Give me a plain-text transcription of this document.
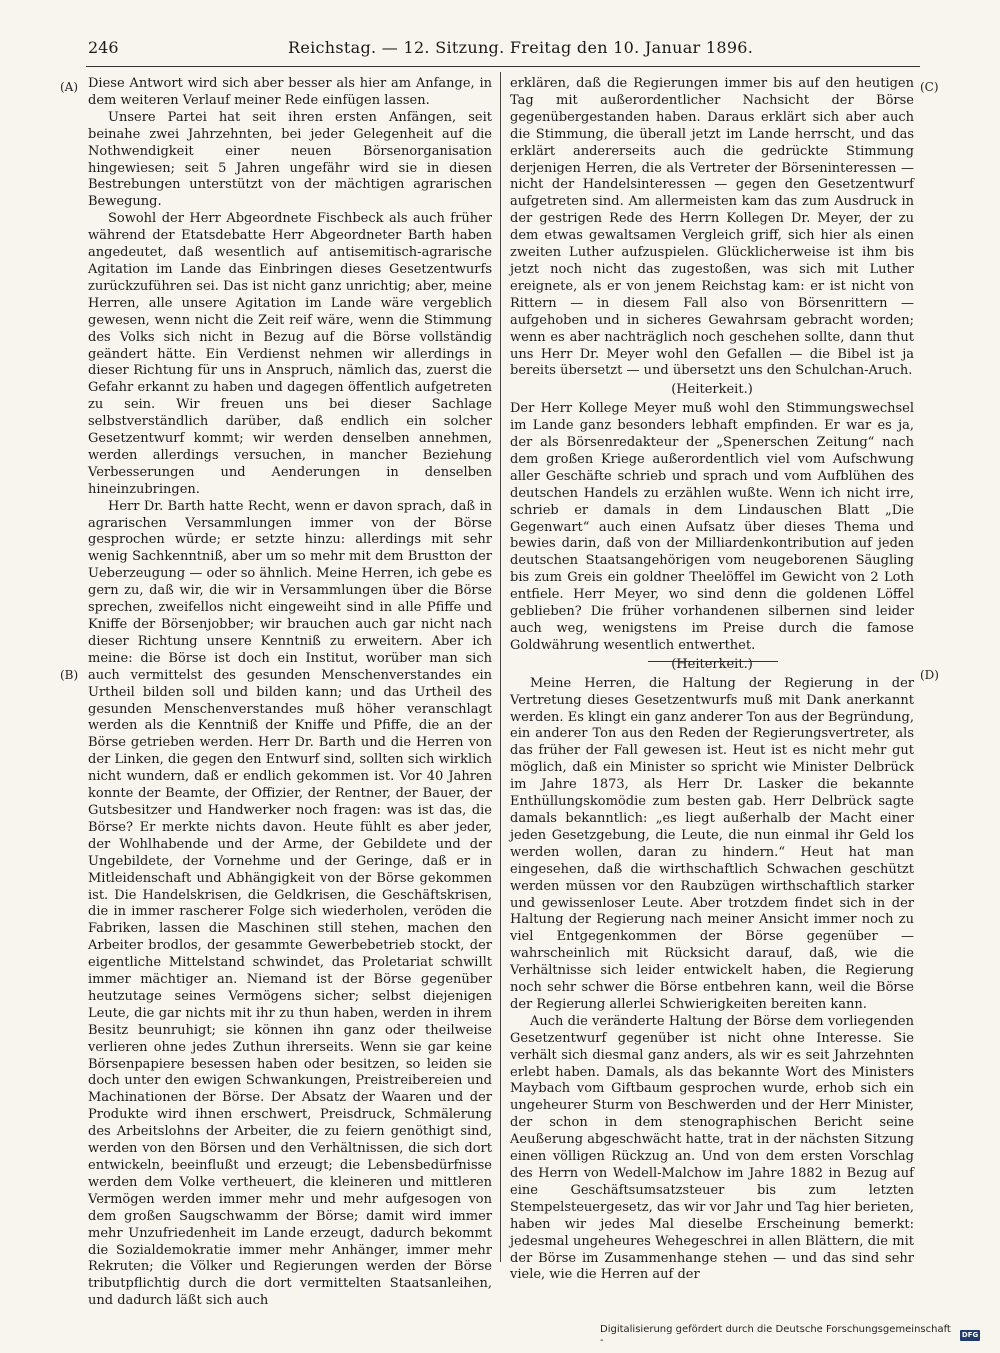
246	Reichstag. — 12. Sitzung. Freitag den 10. Januar 1896.
(A)
(B)
(C)
(D)

Diese Antwort wird sich aber besser als hier am Anfange, in dem weiteren Verlauf meiner Rede einfügen lassen.

Unsere Partei hat seit ihren ersten Anfängen, seit beinahe zwei Jahrzehnten, bei jeder Gelegenheit auf die Nothwendigkeit einer neuen Börsenorganisation hingewiesen; seit 5 Jahren ungefähr wird sie in diesen Bestrebungen unterstützt von der mächtigen agrarischen Bewegung.

Sowohl der Herr Abgeordnete Fischbeck als auch früher während der Etatsdebatte Herr Abgeordneter Barth haben angedeutet, daß wesentlich auf antisemitisch-agrarische Agitation im Lande das Einbringen dieses Gesetzentwurfs zurückzuführen sei. Das ist nicht ganz unrichtig; aber, meine Herren, alle unsere Agitation im Lande wäre vergeblich gewesen, wenn nicht die Zeit reif wäre, wenn die Stimmung des Volks sich nicht in Bezug auf die Börse vollständig geändert hätte. Ein Verdienst nehmen wir allerdings in dieser Richtung für uns in Anspruch, nämlich das, zuerst die Gefahr erkannt zu haben und dagegen öffentlich aufgetreten zu sein. Wir freuen uns bei dieser Sachlage selbstverständlich darüber, daß endlich ein solcher Gesetzentwurf kommt; wir werden denselben annehmen, werden allerdings versuchen, in mancher Beziehung Verbesserungen und Aenderungen in denselben hineinzubringen.

Herr Dr. Barth hatte Recht, wenn er davon sprach, daß in agrarischen Versammlungen immer von der Börse gesprochen würde; er setzte hinzu: allerdings mit sehr wenig Sachkenntniß, aber um so mehr mit dem Brustton der Ueberzeugung — oder so ähnlich. Meine Herren, ich gebe es gern zu, daß wir, die wir in Versammlungen über die Börse sprechen, zweifellos nicht eingeweiht sind in alle Pfiffe und Kniffe der Börsenjobber; wir brauchen auch gar nicht nach dieser Richtung unsere Kenntniß zu erweitern. Aber ich meine: die Börse ist doch ein Institut, worüber man sich auch vermittelst des gesunden Menschenverstandes ein Urtheil bilden soll und bilden kann; und das Urtheil des gesunden Menschenverstandes muß höher veranschlagt werden als die Kenntniß der Kniffe und Pfiffe, die an der Börse getrieben werden. Herr Dr. Barth und die Herren von der Linken, die gegen den Entwurf sind, sollten sich wirklich nicht wundern, daß er endlich gekommen ist. Vor 40 Jahren konnte der Beamte, der Offizier, der Rentner, der Bauer, der Gutsbesitzer und Handwerker noch fragen: was ist das, die Börse? Er merkte nichts davon. Heute fühlt es aber jeder, der Wohlhabende und der Arme, der Gebildete und der Ungebildete, der Vornehme und der Geringe, daß er in Mitleidenschaft und Abhängigkeit von der Börse gekommen ist. Die Handelskrisen, die Geldkrisen, die Geschäftskrisen, die in immer rascherer Folge sich wiederholen, veröden die Fabriken, lassen die Maschinen still stehen, machen den Arbeiter brodlos, der gesammte Gewerbebetrieb stockt, der eigentliche Mittelstand schwindet, das Proletariat schwillt immer mächtiger an. Niemand ist der Börse gegenüber heutzutage seines Vermögens sicher; selbst diejenigen Leute, die gar nichts mit ihr zu thun haben, werden in ihrem Besitz beunruhigt; sie können ihn ganz oder theilweise verlieren ohne jedes Zuthun ihrerseits. Wenn sie gar keine Börsenpapiere besessen haben oder besitzen, so leiden sie doch unter den ewigen Schwankungen, Preistreibereien und Machinationen der Börse. Der Absatz der Waaren und der Produkte wird ihnen erschwert, Preisdruck, Schmälerung des Arbeitslohns der Arbeiter, die zu feiern genöthigt sind, werden von den Börsen und den Verhältnissen, die sich dort entwickeln, beeinflußt und erzeugt; die Lebensbedürfnisse werden dem Volke vertheuert, die kleineren und mittleren Vermögen werden immer mehr und mehr aufgesogen von dem großen Saugschwamm der Börse; damit wird immer mehr Unzufriedenheit im Lande erzeugt, dadurch bekommt die Sozialdemokratie immer mehr Anhänger, immer mehr Rekruten; die Völker und Regierungen werden der Börse tributpflichtig durch die dort vermittelten Staatsanleihen, und dadurch läßt sich auch

erklären, daß die Regierungen immer bis auf den heutigen Tag mit außerordentlicher Nachsicht der Börse gegenübergestanden haben. Daraus erklärt sich aber auch die Stimmung, die überall jetzt im Lande herrscht, und das erklärt andererseits auch die gedrückte Stimmung derjenigen Herren, die als Vertreter der Börseninteressen — nicht der Handelsinteressen — gegen den Gesetzentwurf aufgetreten sind. Am allermeisten kam das zum Ausdruck in der gestrigen Rede des Herrn Kollegen Dr. Meyer, der zu dem etwas gewaltsamen Vergleich griff, sich hier als einen zweiten Luther aufzuspielen. Glücklicherweise ist ihm bis jetzt noch nicht das zugestoßen, was sich mit Luther ereignete, als er von jenem Reichstag kam: er ist nicht von Rittern — in diesem Fall also von Börsenrittern — aufgehoben und in sicheres Gewahrsam gebracht worden; wenn es aber nachträglich noch geschehen sollte, dann thut uns Herr Dr. Meyer wohl den Gefallen — die Bibel ist ja bereits übersetzt — und übersetzt uns den Schulchan-Aruch.

(Heiterkeit.)

Der Herr Kollege Meyer muß wohl den Stimmungswechsel im Lande ganz besonders lebhaft empfinden. Er war es ja, der als Börsenredakteur der „Spenerschen Zeitung“ nach dem großen Kriege außerordentlich viel vom Aufschwung aller Geschäfte schrieb und sprach und vom Aufblühen des deutschen Handels zu erzählen wußte. Wenn ich nicht irre, schrieb er damals in dem Lindauschen Blatt „Die Gegenwart“ auch einen Aufsatz über dieses Thema und bewies darin, daß von der Milliardenkontribution auf jeden deutschen Staatsangehörigen vom neugeborenen Säugling bis zum Greis ein goldner Theelöffel im Gewicht von 2 Loth entfiele. Herr Meyer, wo sind denn die goldenen Löffel geblieben? Die früher vorhandenen silbernen sind leider auch weg, wenigstens im Preise durch die famose Goldwährung wesentlich entwerthet.

(Heiterkeit.)

Meine Herren, die Haltung der Regierung in der Vertretung dieses Gesetzentwurfs muß mit Dank anerkannt werden. Es klingt ein ganz anderer Ton aus der Begründung, ein anderer Ton aus den Reden der Regierungsvertreter, als das früher der Fall gewesen ist. Heut ist es nicht mehr gut möglich, daß ein Minister so spricht wie Minister Delbrück im Jahre 1873, als Herr Dr. Lasker die bekannte Enthüllungskomödie zum besten gab. Herr Delbrück sagte damals bekanntlich: „es liegt außerhalb der Macht einer jeden Gesetzgebung, die Leute, die nun einmal ihr Geld los werden wollen, daran zu hindern.“ Heut hat man eingesehen, daß die wirthschaftlich Schwachen geschützt werden müssen vor den Raubzügen wirthschaftlich starker und gewissenloser Leute. Aber trotzdem findet sich in der Haltung der Regierung nach meiner Ansicht immer noch zu viel Entgegenkommen der Börse gegenüber — wahrscheinlich mit Rücksicht darauf, daß, wie die Verhältnisse sich leider entwickelt haben, die Regierung noch sehr schwer die Börse entbehren kann, weil die Börse der Regierung allerlei Schwierigkeiten bereiten kann.

Auch die veränderte Haltung der Börse dem vorliegenden Gesetzentwurf gegenüber ist nicht ohne Interesse. Sie verhält sich diesmal ganz anders, als wir es seit Jahrzehnten erlebt haben. Damals, als das bekannte Wort des Ministers Maybach vom Giftbaum gesprochen wurde, erhob sich ein ungeheurer Sturm von Beschwerden und der Herr Minister, der schon in dem stenographischen Bericht seine Aeußerung abgeschwächt hatte, trat in der nächsten Sitzung einen völligen Rückzug an. Und von dem ersten Vorschlag des Herrn von Wedell-Malchow im Jahre 1882 in Bezug auf eine Geschäftsumsatzsteuer bis zum letzten Stempelsteuergesetz, das wir vor Jahr und Tag hier berieten, haben wir jedes Mal dieselbe Erscheinung bemerkt: jedesmal ungeheures Wehegeschrei in allen Blättern, die mit der Börse im Zusammenhange stehen — und das sind sehr viele, wie die Herren auf der

Digitalisierung gefördert durch die Deutsche Forschungsgemeinschaft -
DFG
